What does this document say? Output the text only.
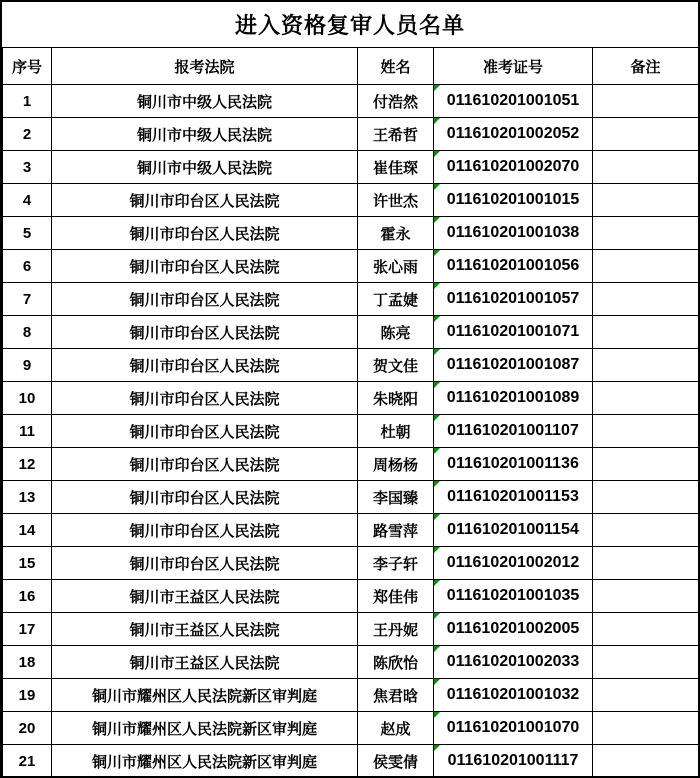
进入资格复审人员名单
序号	报考法院	姓名	准考证号	备注
1	铜川市中级人民法院	付浩然	011610201001051	
2	铜川市中级人民法院	王希哲	011610201002052	
3	铜川市中级人民法院	崔佳琛	011610201002070	
4	铜川市印台区人民法院	许世杰	011610201001015	
5	铜川市印台区人民法院	霍永	011610201001038	
6	铜川市印台区人民法院	张心雨	011610201001056	
7	铜川市印台区人民法院	丁孟婕	011610201001057	
8	铜川市印台区人民法院	陈亮	011610201001071	
9	铜川市印台区人民法院	贺文佳	011610201001087	
10	铜川市印台区人民法院	朱晓阳	011610201001089	
11	铜川市印台区人民法院	杜朝	011610201001107	
12	铜川市印台区人民法院	周杨杨	011610201001136	
13	铜川市印台区人民法院	李国臻	011610201001153	
14	铜川市印台区人民法院	路雪萍	011610201001154	
15	铜川市印台区人民法院	李子轩	011610201002012	
16	铜川市王益区人民法院	郑佳伟	011610201001035	
17	铜川市王益区人民法院	王丹妮	011610201002005	
18	铜川市王益区人民法院	陈欣怡	011610201002033	
19	铜川市耀州区人民法院新区审判庭	焦君晗	011610201001032	
20	铜川市耀州区人民法院新区审判庭	赵成	011610201001070	
21	铜川市耀州区人民法院新区审判庭	侯雯倩	011610201001117	
